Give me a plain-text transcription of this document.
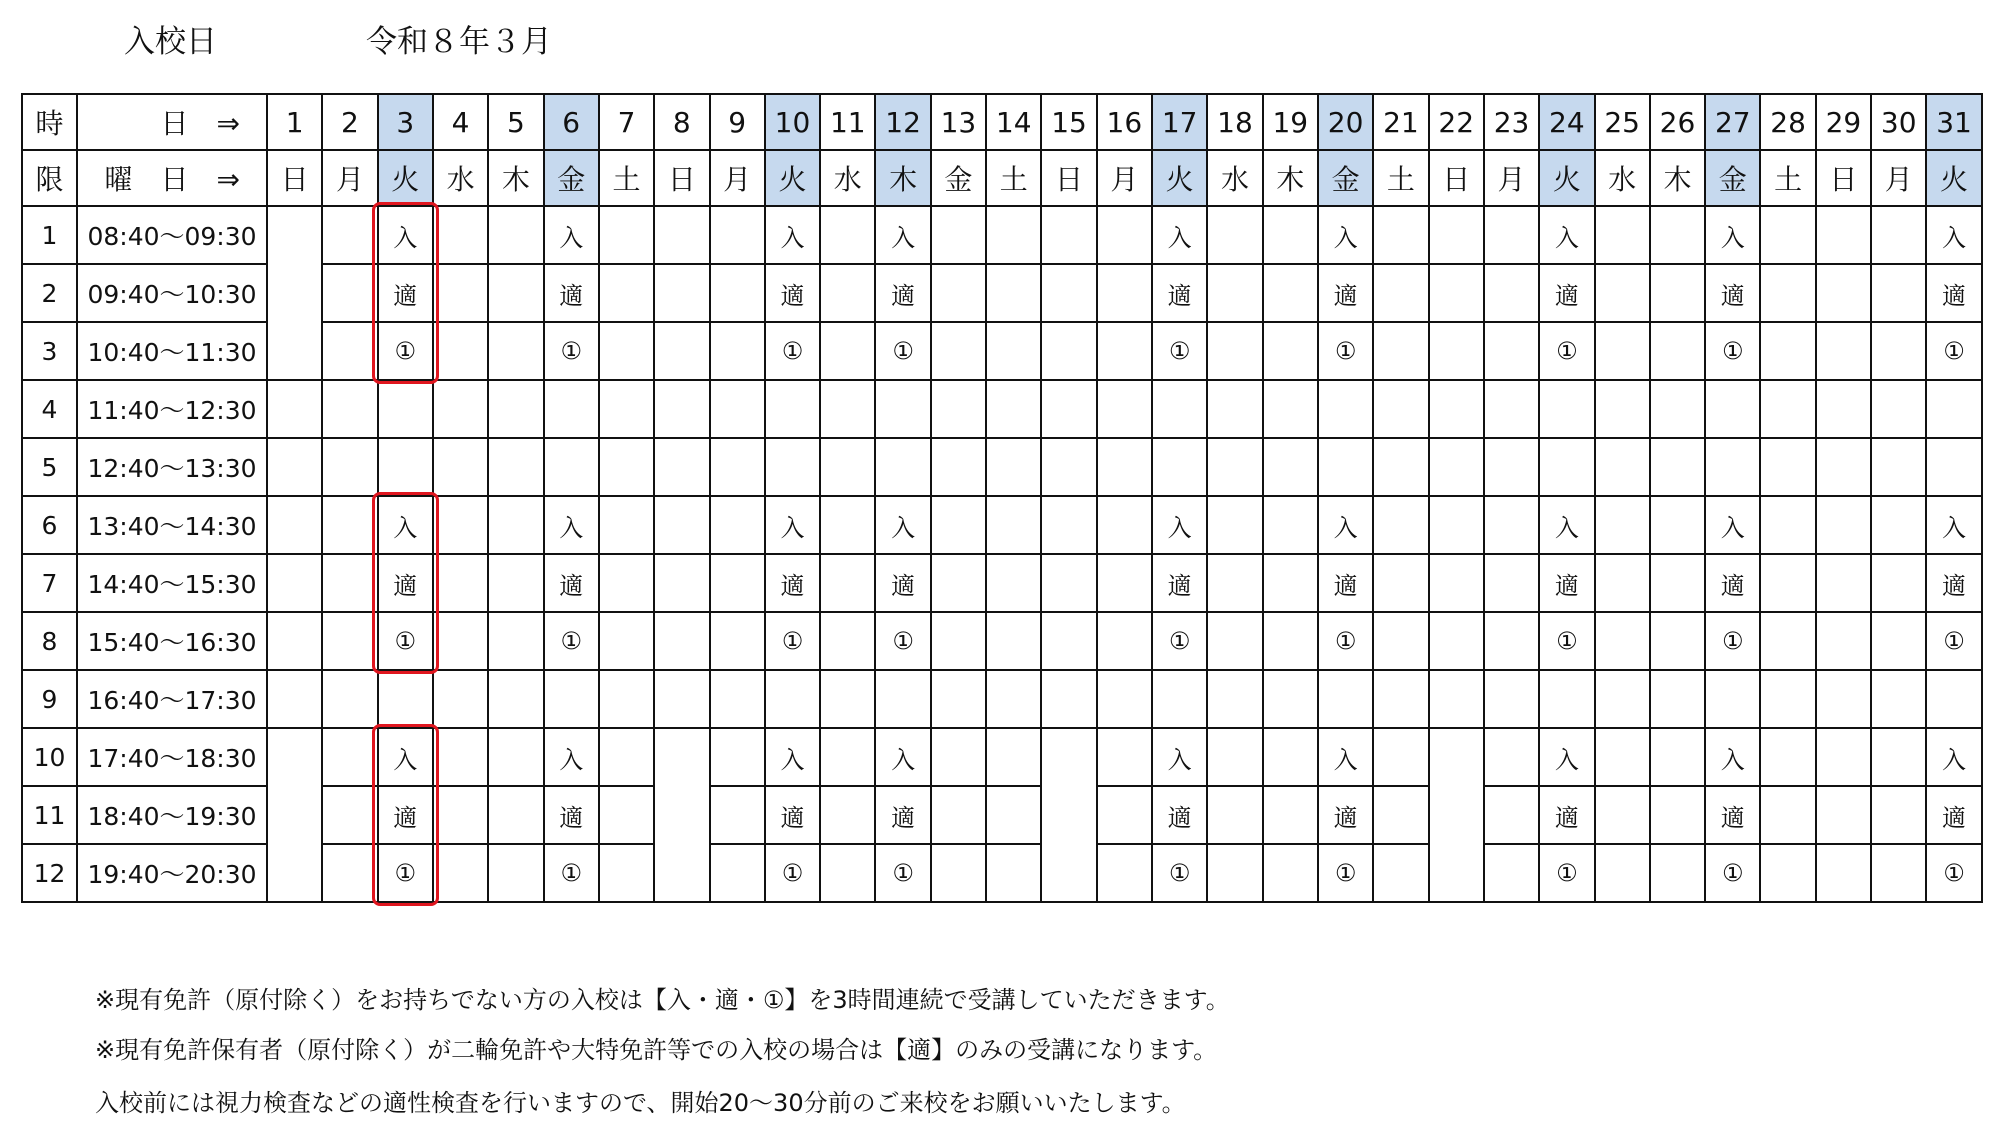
入校日	令和８年３月
時	日　⇒	1	2	3	4	5	6	7	8	9	10	11	12	13	14	15	16	17	18	19	20	21	22	23	24	25	26	27	28	29	30	31
限	曜　日　⇒	日	月	火	水	木	金	土	日	月	火	水	木	金	土	日	月	火	水	木	金	土	日	月	火	水	木	金	土	日	月	火
1	08:40～09:30			入			入				入		入					入			入				入			入				入
2	09:40～10:30			適			適				適		適					適			適				適			適				適
3	10:40～11:30			①			①				①		①					①			①				①			①				①
4	11:40～12:30																															
5	12:40～13:30																															
6	13:40～14:30			入			入				入		入					入			入				入			入				入
7	14:40～15:30			適			適				適		適					適			適				適			適				適
8	15:40～16:30			①			①				①		①					①			①				①			①				①
9	16:40～17:30																															
10	17:40～18:30			入			入				入		入					入			入				入			入				入
11	18:40～19:30			適			適				適		適					適			適				適			適				適
12	19:40～20:30			①			①				①		①					①			①				①			①				①
※現有免許（原付除く）をお持ちでない方の入校は【入・適・①】を3時間連続で受講していただきます。
※現有免許保有者（原付除く）が二輪免許や大特免許等での入校の場合は【適】のみの受講になります。
入校前には視力検査などの適性検査を行いますので、開始20～30分前のご来校をお願いいたします。
